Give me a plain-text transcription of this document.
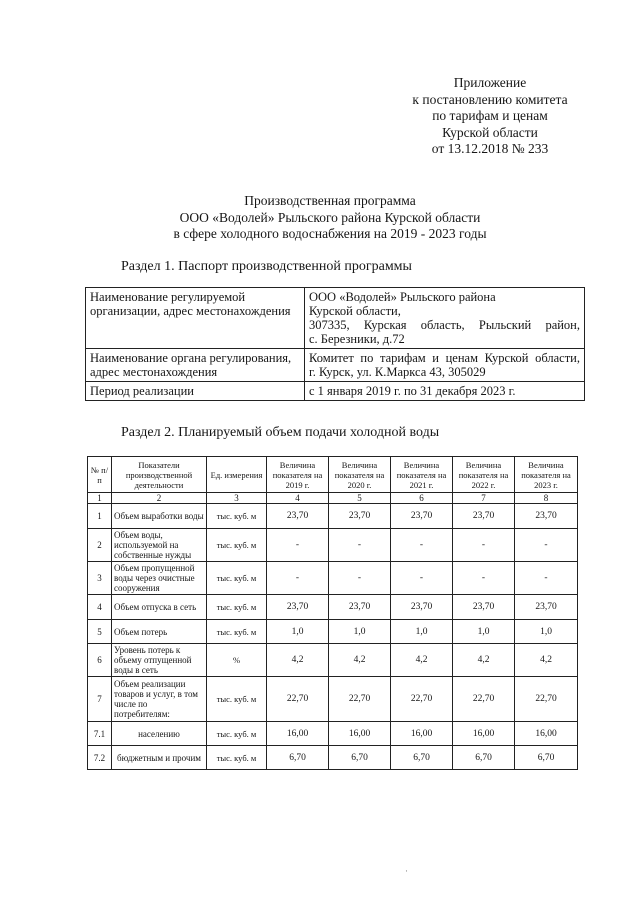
Приложение
к постановлению комитета
по тарифам и ценам
Курской области
от 13.12.2018 № 233
Производственная программа
ООО «Водолей» Рыльского района Курской области
в сфере холодного водоснабжения на 2019 - 2023 годы
Раздел 1. Паспорт производственной программы
Наименование регулируемой организации, адрес местонахождения	ООО «Водолей» Рыльского района
Курской области,
307335, Курская область, Рыльский район,
с. Березники, д.72

Наименование органа регулирования, адрес местонахождения	Комитет по тарифам и ценам Курской области,
г. Курск, ул. К.Маркса 43, 305029

Период реализации	с 1 января 2019 г. по 31 декабря 2023 г.
Раздел 2. Планируемый объем подачи холодной воды
№ п/п	Показатели производственной деятельности	Ед. измерения	Величина показателя на 2019 г.	Величина показателя на 2020 г.	Величина показателя на 2021 г.	Величина показателя на 2022 г.	Величина показателя на 2023 г.
1	2	3	4	5	6	7	8
1	Объем выработки воды	тыс. куб. м	23,70	23,70	23,70	23,70	23,70
2	Объем воды, используемой на собственные нужды	тыс. куб. м	-	-	-	-	-
3	Объем пропущенной воды через очистные сооружения	тыс. куб. м	-	-	-	-	-
4	Объем отпуска в сеть	тыс. куб. м	23,70	23,70	23,70	23,70	23,70
5	Объем потерь	тыс. куб. м	1,0	1,0	1,0	1,0	1,0
6	Уровень потерь к объему отпущенной воды в сеть	%	4,2	4,2	4,2	4,2	4,2
7	Объем реализации товаров и услуг, в том числе по потребителям:	тыс. куб. м	22,70	22,70	22,70	22,70	22,70
7.1	населению	тыс. куб. м	16,00	16,00	16,00	16,00	16,00
7.2	бюджетным и прочим	тыс. куб. м	6,70	6,70	6,70	6,70	6,70
·
